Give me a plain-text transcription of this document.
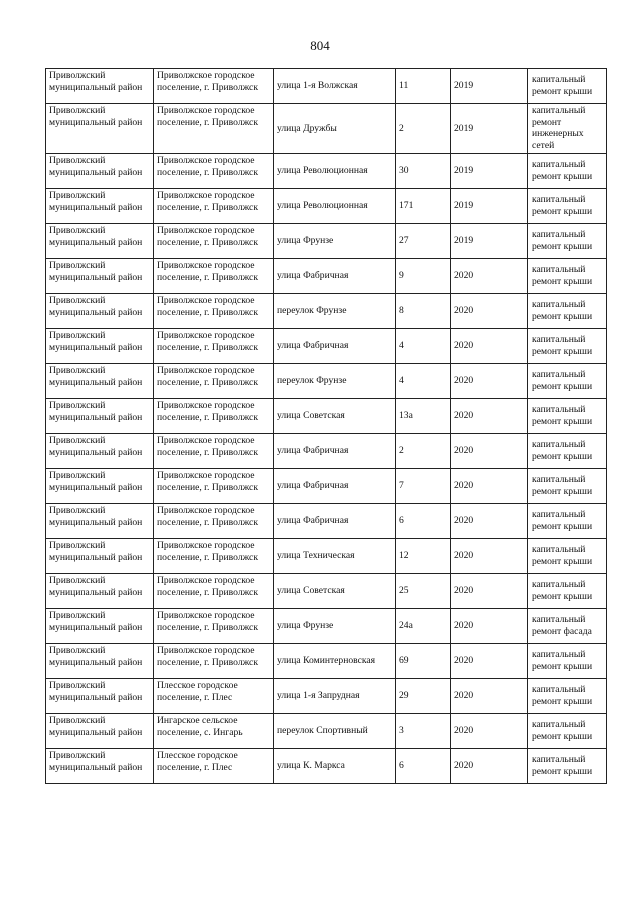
804
Приволжский муниципальный район	Приволжское городское поселение, г. Приволжск	улица 1-я Волжская	11	2019	капитальный ремонт крыши
Приволжский муниципальный район	Приволжское городское поселение, г. Приволжск	улица Дружбы	2	2019	капитальный ремонт инженерных сетей
Приволжский муниципальный район	Приволжское городское поселение, г. Приволжск	улица Революционная	30	2019	капитальный ремонт крыши
Приволжский муниципальный район	Приволжское городское поселение, г. Приволжск	улица Революционная	171	2019	капитальный ремонт крыши
Приволжский муниципальный район	Приволжское городское поселение, г. Приволжск	улица Фрунзе	27	2019	капитальный ремонт крыши
Приволжский муниципальный район	Приволжское городское поселение, г. Приволжск	улица Фабричная	9	2020	капитальный ремонт крыши
Приволжский муниципальный район	Приволжское городское поселение, г. Приволжск	переулок Фрунзе	8	2020	капитальный ремонт крыши
Приволжский муниципальный район	Приволжское городское поселение, г. Приволжск	улица Фабричная	4	2020	капитальный ремонт крыши
Приволжский муниципальный район	Приволжское городское поселение, г. Приволжск	переулок Фрунзе	4	2020	капитальный ремонт крыши
Приволжский муниципальный район	Приволжское городское поселение, г. Приволжск	улица Советская	13а	2020	капитальный ремонт крыши
Приволжский муниципальный район	Приволжское городское поселение, г. Приволжск	улица Фабричная	2	2020	капитальный ремонт крыши
Приволжский муниципальный район	Приволжское городское поселение, г. Приволжск	улица Фабричная	7	2020	капитальный ремонт крыши
Приволжский муниципальный район	Приволжское городское поселение, г. Приволжск	улица Фабричная	6	2020	капитальный ремонт крыши
Приволжский муниципальный район	Приволжское городское поселение, г. Приволжск	улица Техническая	12	2020	капитальный ремонт крыши
Приволжский муниципальный район	Приволжское городское поселение, г. Приволжск	улица Советская	25	2020	капитальный ремонт крыши
Приволжский муниципальный район	Приволжское городское поселение, г. Приволжск	улица Фрунзе	24а	2020	капитальный ремонт фасада
Приволжский муниципальный район	Приволжское городское поселение, г. Приволжск	улица Коминтерновская	69	2020	капитальный ремонт крыши
Приволжский муниципальный район	Плесское городское поселение, г. Плес	улица 1-я Запрудная	29	2020	капитальный ремонт крыши
Приволжский муниципальный район	Ингарское сельское поселение, с. Ингарь	переулок Спортивный	3	2020	капитальный ремонт крыши
Приволжский муниципальный район	Плесское городское поселение, г. Плес	улица К. Маркса	6	2020	капитальный ремонт крыши
